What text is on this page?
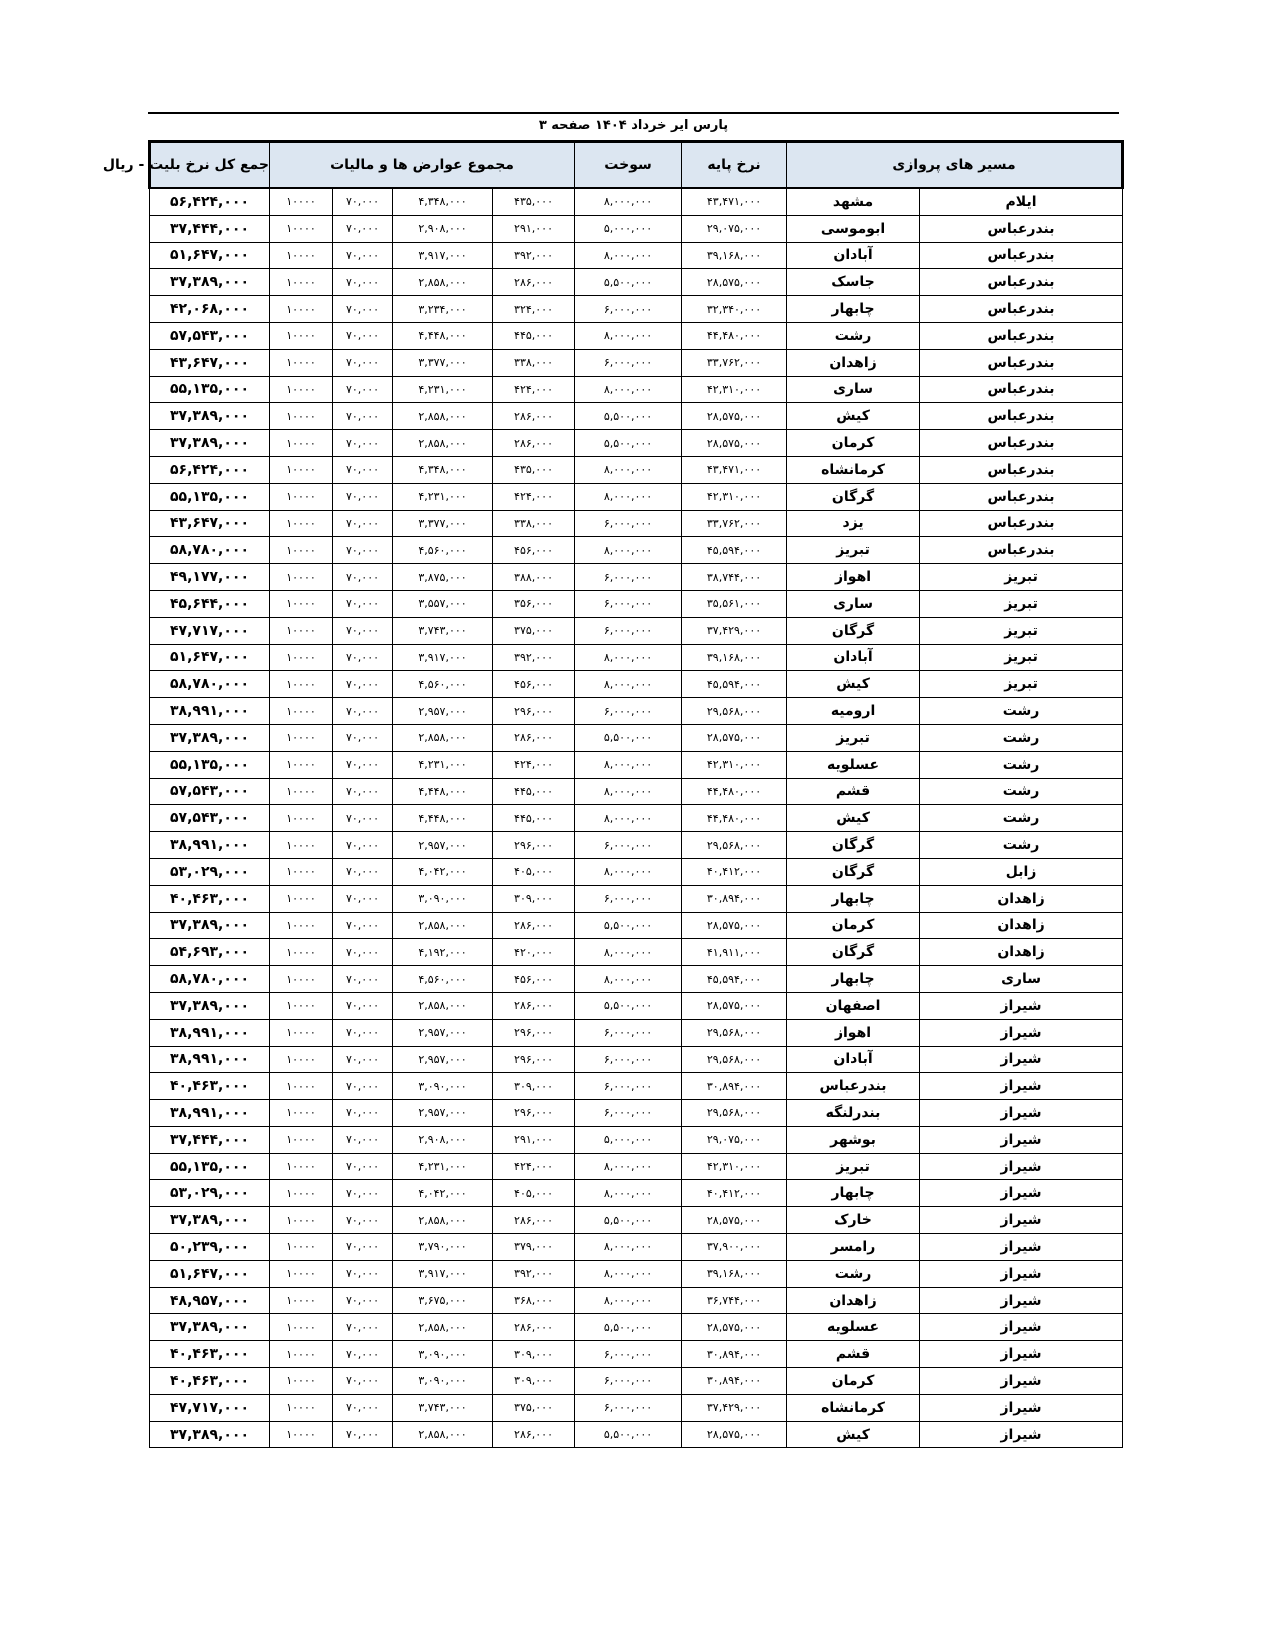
پارس ایر خرداد ۱۴۰۴ صفحه ۳
جمع کل نرخ بلیت - ریال	مجموع عوارض ها و مالیات				سوخت	نرخ پایه	مسیر های پروازی	
۵۶,۴۲۴,۰۰۰	۱۰۰۰۰	۷۰,۰۰۰	۴,۳۴۸,۰۰۰	۴۳۵,۰۰۰	۸,۰۰۰,۰۰۰	۴۳,۴۷۱,۰۰۰	مشهد	ایلام
۳۷,۴۴۴,۰۰۰	۱۰۰۰۰	۷۰,۰۰۰	۲,۹۰۸,۰۰۰	۲۹۱,۰۰۰	۵,۰۰۰,۰۰۰	۲۹,۰۷۵,۰۰۰	ابوموسی	بندرعباس
۵۱,۶۴۷,۰۰۰	۱۰۰۰۰	۷۰,۰۰۰	۳,۹۱۷,۰۰۰	۳۹۲,۰۰۰	۸,۰۰۰,۰۰۰	۳۹,۱۶۸,۰۰۰	آبادان	بندرعباس
۳۷,۳۸۹,۰۰۰	۱۰۰۰۰	۷۰,۰۰۰	۲,۸۵۸,۰۰۰	۲۸۶,۰۰۰	۵,۵۰۰,۰۰۰	۲۸,۵۷۵,۰۰۰	جاسک	بندرعباس
۴۲,۰۶۸,۰۰۰	۱۰۰۰۰	۷۰,۰۰۰	۳,۲۳۴,۰۰۰	۳۲۴,۰۰۰	۶,۰۰۰,۰۰۰	۳۲,۳۴۰,۰۰۰	چابهار	بندرعباس
۵۷,۵۴۳,۰۰۰	۱۰۰۰۰	۷۰,۰۰۰	۴,۴۴۸,۰۰۰	۴۴۵,۰۰۰	۸,۰۰۰,۰۰۰	۴۴,۴۸۰,۰۰۰	رشت	بندرعباس
۴۳,۶۴۷,۰۰۰	۱۰۰۰۰	۷۰,۰۰۰	۳,۳۷۷,۰۰۰	۳۳۸,۰۰۰	۶,۰۰۰,۰۰۰	۳۳,۷۶۲,۰۰۰	زاهدان	بندرعباس
۵۵,۱۳۵,۰۰۰	۱۰۰۰۰	۷۰,۰۰۰	۴,۲۳۱,۰۰۰	۴۲۴,۰۰۰	۸,۰۰۰,۰۰۰	۴۲,۳۱۰,۰۰۰	ساری	بندرعباس
۳۷,۳۸۹,۰۰۰	۱۰۰۰۰	۷۰,۰۰۰	۲,۸۵۸,۰۰۰	۲۸۶,۰۰۰	۵,۵۰۰,۰۰۰	۲۸,۵۷۵,۰۰۰	کیش	بندرعباس
۳۷,۳۸۹,۰۰۰	۱۰۰۰۰	۷۰,۰۰۰	۲,۸۵۸,۰۰۰	۲۸۶,۰۰۰	۵,۵۰۰,۰۰۰	۲۸,۵۷۵,۰۰۰	کرمان	بندرعباس
۵۶,۴۲۴,۰۰۰	۱۰۰۰۰	۷۰,۰۰۰	۴,۳۴۸,۰۰۰	۴۳۵,۰۰۰	۸,۰۰۰,۰۰۰	۴۳,۴۷۱,۰۰۰	کرمانشاه	بندرعباس
۵۵,۱۳۵,۰۰۰	۱۰۰۰۰	۷۰,۰۰۰	۴,۲۳۱,۰۰۰	۴۲۴,۰۰۰	۸,۰۰۰,۰۰۰	۴۲,۳۱۰,۰۰۰	گرگان	بندرعباس
۴۳,۶۴۷,۰۰۰	۱۰۰۰۰	۷۰,۰۰۰	۳,۳۷۷,۰۰۰	۳۳۸,۰۰۰	۶,۰۰۰,۰۰۰	۳۳,۷۶۲,۰۰۰	یزد	بندرعباس
۵۸,۷۸۰,۰۰۰	۱۰۰۰۰	۷۰,۰۰۰	۴,۵۶۰,۰۰۰	۴۵۶,۰۰۰	۸,۰۰۰,۰۰۰	۴۵,۵۹۴,۰۰۰	تبریز	بندرعباس
۴۹,۱۷۷,۰۰۰	۱۰۰۰۰	۷۰,۰۰۰	۳,۸۷۵,۰۰۰	۳۸۸,۰۰۰	۶,۰۰۰,۰۰۰	۳۸,۷۴۴,۰۰۰	اهواز	تبریز
۴۵,۶۴۴,۰۰۰	۱۰۰۰۰	۷۰,۰۰۰	۳,۵۵۷,۰۰۰	۳۵۶,۰۰۰	۶,۰۰۰,۰۰۰	۳۵,۵۶۱,۰۰۰	ساری	تبریز
۴۷,۷۱۷,۰۰۰	۱۰۰۰۰	۷۰,۰۰۰	۳,۷۴۳,۰۰۰	۳۷۵,۰۰۰	۶,۰۰۰,۰۰۰	۳۷,۴۲۹,۰۰۰	گرگان	تبریز
۵۱,۶۴۷,۰۰۰	۱۰۰۰۰	۷۰,۰۰۰	۳,۹۱۷,۰۰۰	۳۹۲,۰۰۰	۸,۰۰۰,۰۰۰	۳۹,۱۶۸,۰۰۰	آبادان	تبریز
۵۸,۷۸۰,۰۰۰	۱۰۰۰۰	۷۰,۰۰۰	۴,۵۶۰,۰۰۰	۴۵۶,۰۰۰	۸,۰۰۰,۰۰۰	۴۵,۵۹۴,۰۰۰	کیش	تبریز
۳۸,۹۹۱,۰۰۰	۱۰۰۰۰	۷۰,۰۰۰	۲,۹۵۷,۰۰۰	۲۹۶,۰۰۰	۶,۰۰۰,۰۰۰	۲۹,۵۶۸,۰۰۰	ارومیه	رشت
۳۷,۳۸۹,۰۰۰	۱۰۰۰۰	۷۰,۰۰۰	۲,۸۵۸,۰۰۰	۲۸۶,۰۰۰	۵,۵۰۰,۰۰۰	۲۸,۵۷۵,۰۰۰	تبریز	رشت
۵۵,۱۳۵,۰۰۰	۱۰۰۰۰	۷۰,۰۰۰	۴,۲۳۱,۰۰۰	۴۲۴,۰۰۰	۸,۰۰۰,۰۰۰	۴۲,۳۱۰,۰۰۰	عسلویه	رشت
۵۷,۵۴۳,۰۰۰	۱۰۰۰۰	۷۰,۰۰۰	۴,۴۴۸,۰۰۰	۴۴۵,۰۰۰	۸,۰۰۰,۰۰۰	۴۴,۴۸۰,۰۰۰	قشم	رشت
۵۷,۵۴۳,۰۰۰	۱۰۰۰۰	۷۰,۰۰۰	۴,۴۴۸,۰۰۰	۴۴۵,۰۰۰	۸,۰۰۰,۰۰۰	۴۴,۴۸۰,۰۰۰	کیش	رشت
۳۸,۹۹۱,۰۰۰	۱۰۰۰۰	۷۰,۰۰۰	۲,۹۵۷,۰۰۰	۲۹۶,۰۰۰	۶,۰۰۰,۰۰۰	۲۹,۵۶۸,۰۰۰	گرگان	رشت
۵۳,۰۲۹,۰۰۰	۱۰۰۰۰	۷۰,۰۰۰	۴,۰۴۲,۰۰۰	۴۰۵,۰۰۰	۸,۰۰۰,۰۰۰	۴۰,۴۱۲,۰۰۰	گرگان	زابل
۴۰,۴۶۳,۰۰۰	۱۰۰۰۰	۷۰,۰۰۰	۳,۰۹۰,۰۰۰	۳۰۹,۰۰۰	۶,۰۰۰,۰۰۰	۳۰,۸۹۴,۰۰۰	چابهار	زاهدان
۳۷,۳۸۹,۰۰۰	۱۰۰۰۰	۷۰,۰۰۰	۲,۸۵۸,۰۰۰	۲۸۶,۰۰۰	۵,۵۰۰,۰۰۰	۲۸,۵۷۵,۰۰۰	کرمان	زاهدان
۵۴,۶۹۳,۰۰۰	۱۰۰۰۰	۷۰,۰۰۰	۴,۱۹۲,۰۰۰	۴۲۰,۰۰۰	۸,۰۰۰,۰۰۰	۴۱,۹۱۱,۰۰۰	گرگان	زاهدان
۵۸,۷۸۰,۰۰۰	۱۰۰۰۰	۷۰,۰۰۰	۴,۵۶۰,۰۰۰	۴۵۶,۰۰۰	۸,۰۰۰,۰۰۰	۴۵,۵۹۴,۰۰۰	چابهار	ساری
۳۷,۳۸۹,۰۰۰	۱۰۰۰۰	۷۰,۰۰۰	۲,۸۵۸,۰۰۰	۲۸۶,۰۰۰	۵,۵۰۰,۰۰۰	۲۸,۵۷۵,۰۰۰	اصفهان	شیراز
۳۸,۹۹۱,۰۰۰	۱۰۰۰۰	۷۰,۰۰۰	۲,۹۵۷,۰۰۰	۲۹۶,۰۰۰	۶,۰۰۰,۰۰۰	۲۹,۵۶۸,۰۰۰	اهواز	شیراز
۳۸,۹۹۱,۰۰۰	۱۰۰۰۰	۷۰,۰۰۰	۲,۹۵۷,۰۰۰	۲۹۶,۰۰۰	۶,۰۰۰,۰۰۰	۲۹,۵۶۸,۰۰۰	آبادان	شیراز
۴۰,۴۶۳,۰۰۰	۱۰۰۰۰	۷۰,۰۰۰	۳,۰۹۰,۰۰۰	۳۰۹,۰۰۰	۶,۰۰۰,۰۰۰	۳۰,۸۹۴,۰۰۰	بندرعباس	شیراز
۳۸,۹۹۱,۰۰۰	۱۰۰۰۰	۷۰,۰۰۰	۲,۹۵۷,۰۰۰	۲۹۶,۰۰۰	۶,۰۰۰,۰۰۰	۲۹,۵۶۸,۰۰۰	بندرلنگه	شیراز
۳۷,۴۴۴,۰۰۰	۱۰۰۰۰	۷۰,۰۰۰	۲,۹۰۸,۰۰۰	۲۹۱,۰۰۰	۵,۰۰۰,۰۰۰	۲۹,۰۷۵,۰۰۰	بوشهر	شیراز
۵۵,۱۳۵,۰۰۰	۱۰۰۰۰	۷۰,۰۰۰	۴,۲۳۱,۰۰۰	۴۲۴,۰۰۰	۸,۰۰۰,۰۰۰	۴۲,۳۱۰,۰۰۰	تبریز	شیراز
۵۳,۰۲۹,۰۰۰	۱۰۰۰۰	۷۰,۰۰۰	۴,۰۴۲,۰۰۰	۴۰۵,۰۰۰	۸,۰۰۰,۰۰۰	۴۰,۴۱۲,۰۰۰	چابهار	شیراز
۳۷,۳۸۹,۰۰۰	۱۰۰۰۰	۷۰,۰۰۰	۲,۸۵۸,۰۰۰	۲۸۶,۰۰۰	۵,۵۰۰,۰۰۰	۲۸,۵۷۵,۰۰۰	خارک	شیراز
۵۰,۲۳۹,۰۰۰	۱۰۰۰۰	۷۰,۰۰۰	۳,۷۹۰,۰۰۰	۳۷۹,۰۰۰	۸,۰۰۰,۰۰۰	۳۷,۹۰۰,۰۰۰	رامسر	شیراز
۵۱,۶۴۷,۰۰۰	۱۰۰۰۰	۷۰,۰۰۰	۳,۹۱۷,۰۰۰	۳۹۲,۰۰۰	۸,۰۰۰,۰۰۰	۳۹,۱۶۸,۰۰۰	رشت	شیراز
۴۸,۹۵۷,۰۰۰	۱۰۰۰۰	۷۰,۰۰۰	۳,۶۷۵,۰۰۰	۳۶۸,۰۰۰	۸,۰۰۰,۰۰۰	۳۶,۷۴۴,۰۰۰	زاهدان	شیراز
۳۷,۳۸۹,۰۰۰	۱۰۰۰۰	۷۰,۰۰۰	۲,۸۵۸,۰۰۰	۲۸۶,۰۰۰	۵,۵۰۰,۰۰۰	۲۸,۵۷۵,۰۰۰	عسلویه	شیراز
۴۰,۴۶۳,۰۰۰	۱۰۰۰۰	۷۰,۰۰۰	۳,۰۹۰,۰۰۰	۳۰۹,۰۰۰	۶,۰۰۰,۰۰۰	۳۰,۸۹۴,۰۰۰	قشم	شیراز
۴۰,۴۶۳,۰۰۰	۱۰۰۰۰	۷۰,۰۰۰	۳,۰۹۰,۰۰۰	۳۰۹,۰۰۰	۶,۰۰۰,۰۰۰	۳۰,۸۹۴,۰۰۰	کرمان	شیراز
۴۷,۷۱۷,۰۰۰	۱۰۰۰۰	۷۰,۰۰۰	۳,۷۴۳,۰۰۰	۳۷۵,۰۰۰	۶,۰۰۰,۰۰۰	۳۷,۴۲۹,۰۰۰	کرمانشاه	شیراز
۳۷,۳۸۹,۰۰۰	۱۰۰۰۰	۷۰,۰۰۰	۲,۸۵۸,۰۰۰	۲۸۶,۰۰۰	۵,۵۰۰,۰۰۰	۲۸,۵۷۵,۰۰۰	کیش	شیراز
